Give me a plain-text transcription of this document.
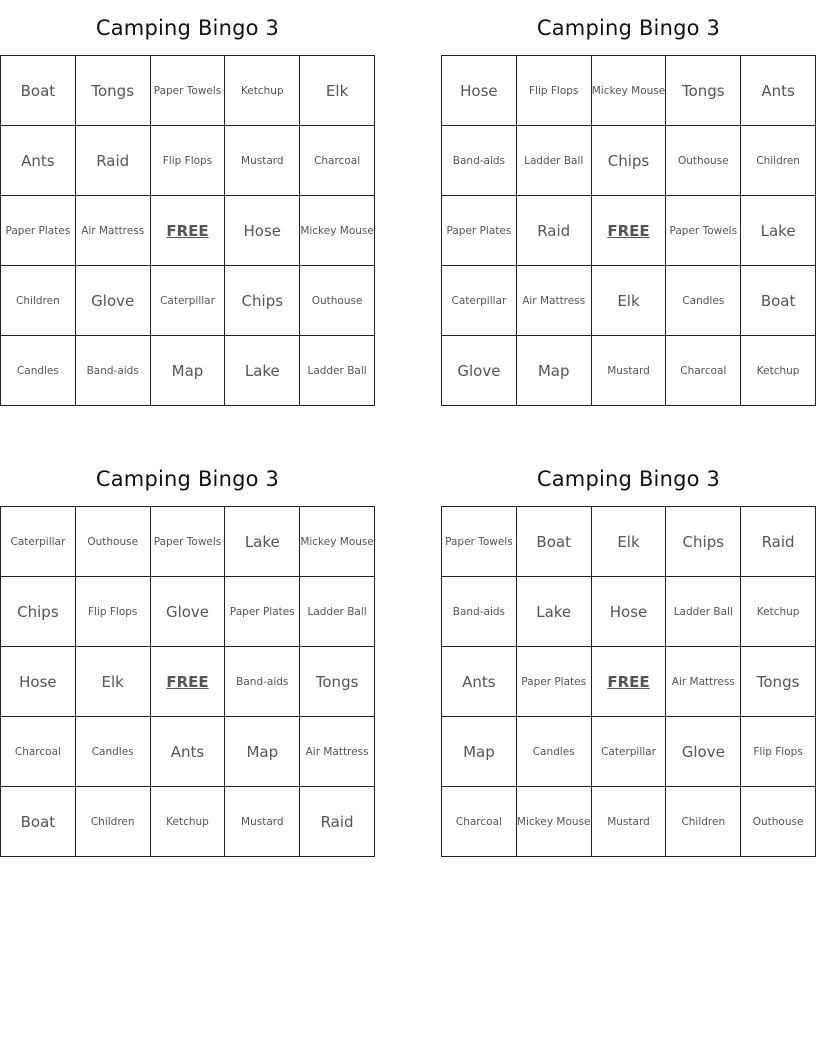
Camping Bingo 3
Boat	Tongs	Paper Towels	Ketchup	Elk
Ants	Raid	Flip Flops	Mustard	Charcoal
Paper Plates	Air Mattress	FREE	Hose	Mickey Mouse
Children	Glove	Caterpillar	Chips	Outhouse
Candles	Band-aids	Map	Lake	Ladder Ball
Camping Bingo 3
Hose	Flip Flops	Mickey Mouse	Tongs	Ants
Band-aids	Ladder Ball	Chips	Outhouse	Children
Paper Plates	Raid	FREE	Paper Towels	Lake
Caterpillar	Air Mattress	Elk	Candles	Boat
Glove	Map	Mustard	Charcoal	Ketchup
Camping Bingo 3
Caterpillar	Outhouse	Paper Towels	Lake	Mickey Mouse
Chips	Flip Flops	Glove	Paper Plates	Ladder Ball
Hose	Elk	FREE	Band-aids	Tongs
Charcoal	Candles	Ants	Map	Air Mattress
Boat	Children	Ketchup	Mustard	Raid
Camping Bingo 3
Paper Towels	Boat	Elk	Chips	Raid
Band-aids	Lake	Hose	Ladder Ball	Ketchup
Ants	Paper Plates	FREE	Air Mattress	Tongs
Map	Candles	Caterpillar	Glove	Flip Flops
Charcoal	Mickey Mouse	Mustard	Children	Outhouse
